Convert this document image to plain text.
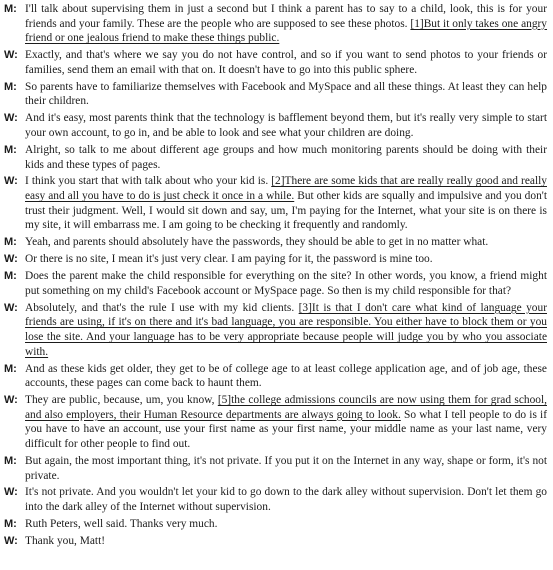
M: I'll talk about supervising them in just a second but I think a parent has to say to a child, look, this is for your friends and your family. These are the people who are supposed to see these photos. [1]But it only takes one angry friend or one jealous friend to make these things public.
W: Exactly, and that's where we say you do not have control, and so if you want to send photos to your friends or families, send them an email with that on. It doesn't have to go into this public sphere.
M: So parents have to familiarize themselves with Facebook and MySpace and all these things. At least they can help their children.
W: And it's easy, most parents think that the technology is bafflement beyond them, but it's really very simple to start your own account, to go in, and be able to look and see what your children are doing.
M: Alright, so talk to me about different age groups and how much monitoring parents should be doing with their kids and these types of pages.
W: I think you start that with talk about who your kid is. [2]There are some kids that are really really good and really easy and all you have to do is just check it once in a while. But other kids are squally and impulsive and you don't trust their judgment. Well, I would sit down and say, um, I'm paying for the Internet, what your site is on there is my site, it will embarrass me. I am going to be checking it frequently and randomly.
M: Yeah, and parents should absolutely have the passwords, they should be able to get in no matter what.
W: Or there is no site, I mean it's just very clear. I am paying for it, the password is mine too.
M: Does the parent make the child responsible for everything on the site? In other words, you know, a friend might put something on my child's Facebook account or MySpace page. So then is my child responsible for that?
W: Absolutely, and that's the rule I use with my kid clients. [3]It is that I don't care what kind of language your friends are using, if it's on there and it's bad language, you are responsible. You either have to block them or you lose the site. And your language has to be very appropriate because people will judge you by who you associate with.
M: And as these kids get older, they get to be of college age to at least college application age, and of job age, these accounts, these pages can come back to haunt them.
W: They are public, because, um, you know, [5]the college admissions councils are now using them for grad school, and also employers, their Human Resource departments are always going to look. So what I tell people to do is if you have to have an account, use your first name as your first name, your middle name as your last name, very difficult for other people to find out.
M: But again, the most important thing, it's not private. If you put it on the Internet in any way, shape or form, it's not private.
W: It's not private. And you wouldn't let your kid to go down to the dark alley without supervision. Don't let them go into the dark alley of the Internet without supervision.
M: Ruth Peters, well said. Thanks very much.
W: Thank you, Matt!
